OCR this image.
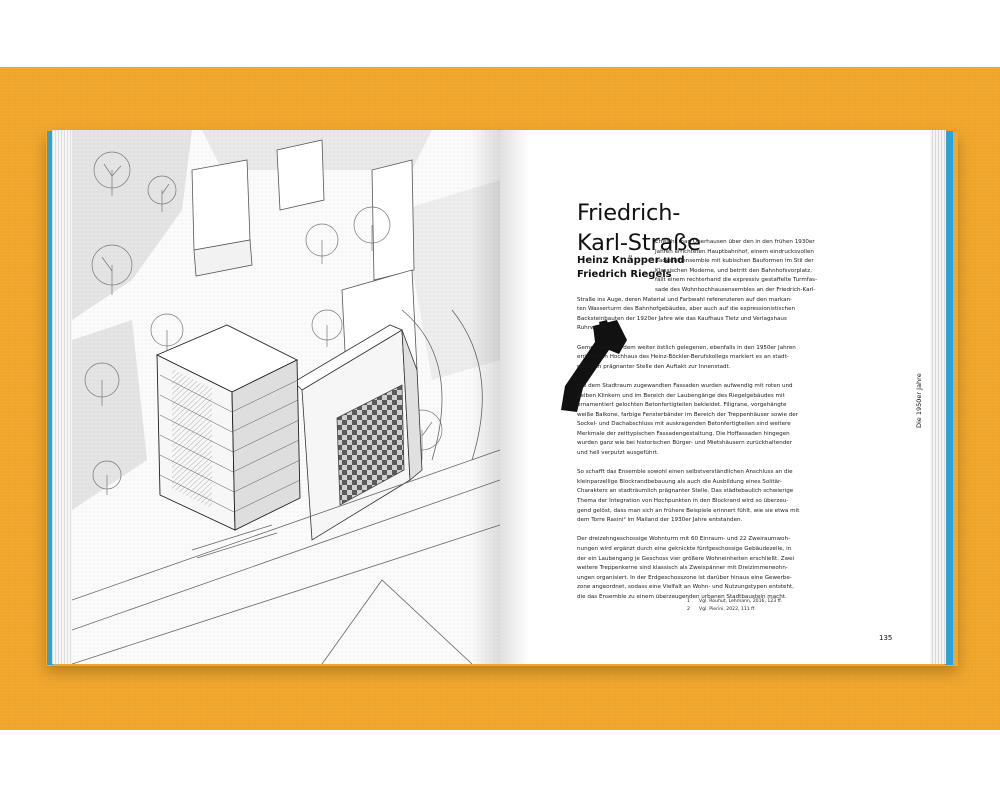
Friedrich-
Karl-Straße
Heinz Knäpper und
Friedrich Riegels

Erreicht man Oberhausen über den in den frühen 1930er
Jahren errichteten Hauptbahnhof, einem eindrucksvollen
Backsteinensemble mit kubischen Bauformen im Stil der
Klassischen Moderne, und betritt den Bahnhofsvorplatz,
fällt einem rechterhand die expressiv gestaffelte Turmfas-
sade des Wohnhochhausensembles an der Friedrich-Karl-
Straße ins Auge, deren Material und Farbwahl referenzieren auf den markan-
ten Wasserturm des Bahnhofgebäudes, aber auch auf die expressionistischen
Backsteinbauten der 1920er Jahre wie das Kaufhaus Tietz und Verlagshaus
Ruhrwacht.$^1$

Gemeinsam mit dem weiter östlich gelegenen, ebenfalls in den 1950er Jahren
errichteten Hochhaus des Heinz-Böckler-Berufskollegs markiert es an stadt-
räumlich prägnanter Stelle den Auftakt zur Innenstadt.

Die dem Stadtraum zugewandten Fassaden wurden aufwendig mit roten und
gelben Klinkern und im Bereich der Laubengänge des Riegelgebäudes mit
ornamentiert gelochten Betonfertigteilen bekleidet. Filigrane, vorgehängte
weiße Balkone, farbige Fensterbänder im Bereich der Treppenhäuser sowie der
Sockel- und Dachabschluss mit auskragenden Betonfertigteilen sind weitere
Merkmale der zeittypischen Fassadengestaltung. Die Hoffassaden hingegen
wurden ganz wie bei historischen Bürger- und Mietshäusern zurückhaltender
und hell verputzt ausgeführt.

So schafft das Ensemble sowohl einen selbstverständlichen Anschluss an die
kleinparzellige Blockrandbebauung als auch die Ausbildung eines Solitär-
Charakters an stadträumlich prägnanter Stelle. Das städtebaulich schwierige
Thema der Integration von Hochpunkten in den Blockrand wird so überzeu-
gend gelöst, dass man sich an frühere Beispiele erinnert fühlt, wie sie etwa mit
dem Torre Rasini² im Mailand der 1930er Jahre entstanden.

Der dreizehngeschossige Wohnturm mit 60 Einraum- und 22 Zweiraumwoh-
nungen wird ergänzt durch eine geknickte fünfgeschossige Gebäudezeile, in
der ein Laubengang je Geschoss vier größere Wohneinheiten erschließt. Zwei
weitere Treppenkerne sind klassisch als Zweispänner mit Dreizimmerwohn-
ungen organisiert. In der Erdgeschosszone ist darüber hinaus eine Gewerbe-
zone angeordnet, sodass eine Vielfalt an Wohn- und Nutzungstypen entsteht,
die das Ensemble zu einem überzeugenden urbanen Stadtbaustein macht.

1 Vgl. Rouhut, Lehmann, 2016, 123 ff.
2 Vgl. Pierini, 2022, 111 ff.
135
Die 1950er Jahre
